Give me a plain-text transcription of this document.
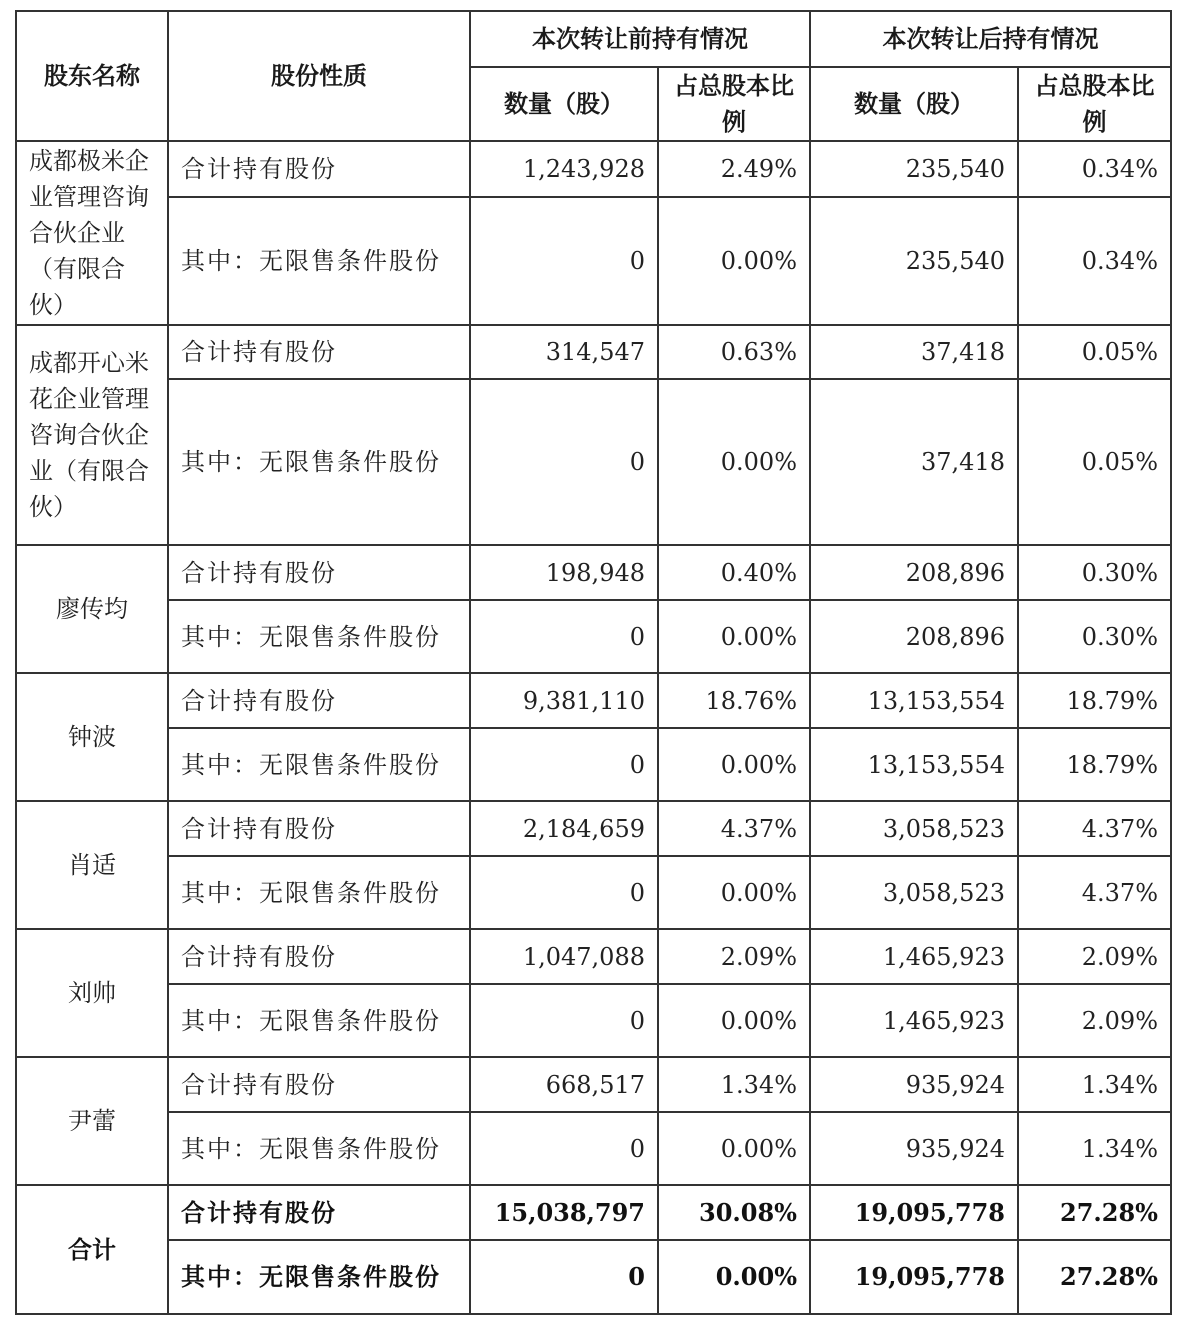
股东名称	股份性质	本次转让前持有情况		本次转让后持有情况	
		数量（股）	占总股本比例	数量（股）	占总股本比例
成都极米企业管理咨询合伙企业（有限合伙）	合计持有股份	1,243,928	2.49%	235,540	0.34%
	其中：无限售条件股份	0	0.00%	235,540	0.34%
成都开心米花企业管理咨询合伙企业（有限合伙）	合计持有股份	314,547	0.63%	37,418	0.05%
	其中：无限售条件股份	0	0.00%	37,418	0.05%
廖传均	合计持有股份	198,948	0.40%	208,896	0.30%
	其中：无限售条件股份	0	0.00%	208,896	0.30%
钟波	合计持有股份	9,381,110	18.76%	13,153,554	18.79%
	其中：无限售条件股份	0	0.00%	13,153,554	18.79%
肖适	合计持有股份	2,184,659	4.37%	3,058,523	4.37%
	其中：无限售条件股份	0	0.00%	3,058,523	4.37%
刘帅	合计持有股份	1,047,088	2.09%	1,465,923	2.09%
	其中：无限售条件股份	0	0.00%	1,465,923	2.09%
尹蕾	合计持有股份	668,517	1.34%	935,924	1.34%
	其中：无限售条件股份	0	0.00%	935,924	1.34%
合计	合计持有股份	15,038,797	30.08%	19,095,778	27.28%
	其中：无限售条件股份	0	0.00%	19,095,778	27.28%
